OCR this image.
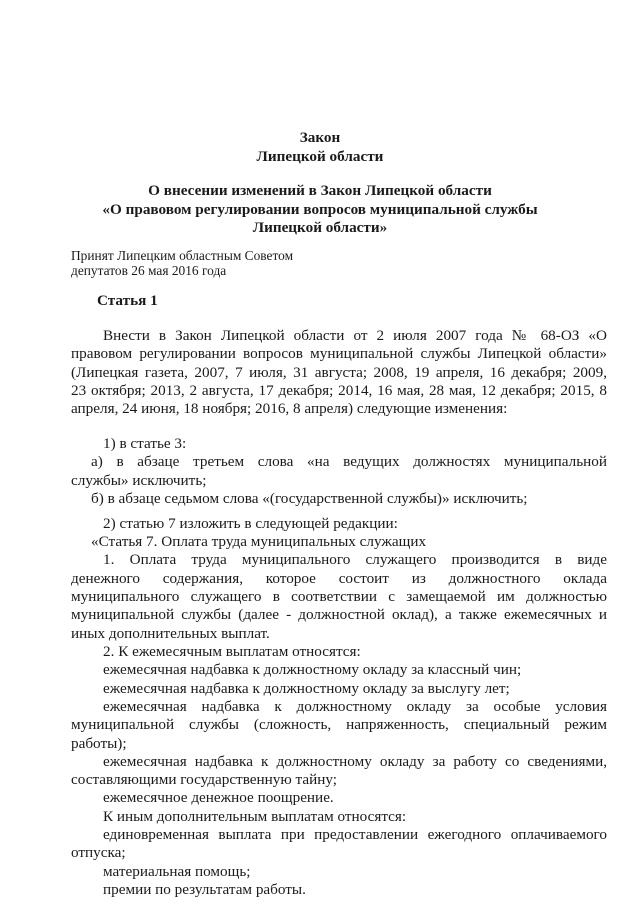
Закон
Липецкой области
О внесении изменений в Закон Липецкой области
«О правовом регулировании вопросов муниципальной службы
Липецкой области»
Принят Липецким областным Советом
депутатов 26 мая 2016 года
Статья 1
Внести в Закон Липецкой области от 2 июля 2007 года № 68-ОЗ «О
правовом регулировании вопросов муниципальной службы Липецкой области»
(Липецкая газета, 2007, 7 июля, 31 августа; 2008, 19 апреля, 16 декабря; 2009,
23 октября; 2013, 2 августа, 17 декабря; 2014, 16 мая, 28 мая, 12 декабря; 2015, 8
апреля, 24 июня, 18 ноября; 2016, 8 апреля) следующие изменения:
1) в статье 3:
а) в абзаце третьем слова «на ведущих должностях муниципальной
службы» исключить;
б) в абзаце седьмом слова «(государственной службы)» исключить;
2) статью 7 изложить в следующей редакции:
«Статья 7. Оплата труда муниципальных служащих
1. Оплата труда муниципального служащего производится в виде
денежного содержания, которое состоит из должностного оклада
муниципального служащего в соответствии с замещаемой им должностью
муниципальной службы (далее - должностной оклад), а также ежемесячных и
иных дополнительных выплат.
2. К ежемесячным выплатам относятся:
ежемесячная надбавка к должностному окладу за классный чин;
ежемесячная надбавка к должностному окладу за выслугу лет;
ежемесячная надбавка к должностному окладу за особые условия
муниципальной службы (сложность, напряженность, специальный режим
работы);
ежемесячная надбавка к должностному окладу за работу со сведениями,
составляющими государственную тайну;
ежемесячное денежное поощрение.
К иным дополнительным выплатам относятся:
единовременная выплата при предоставлении ежегодного оплачиваемого
отпуска;
материальная помощь;
премии по результатам работы.
